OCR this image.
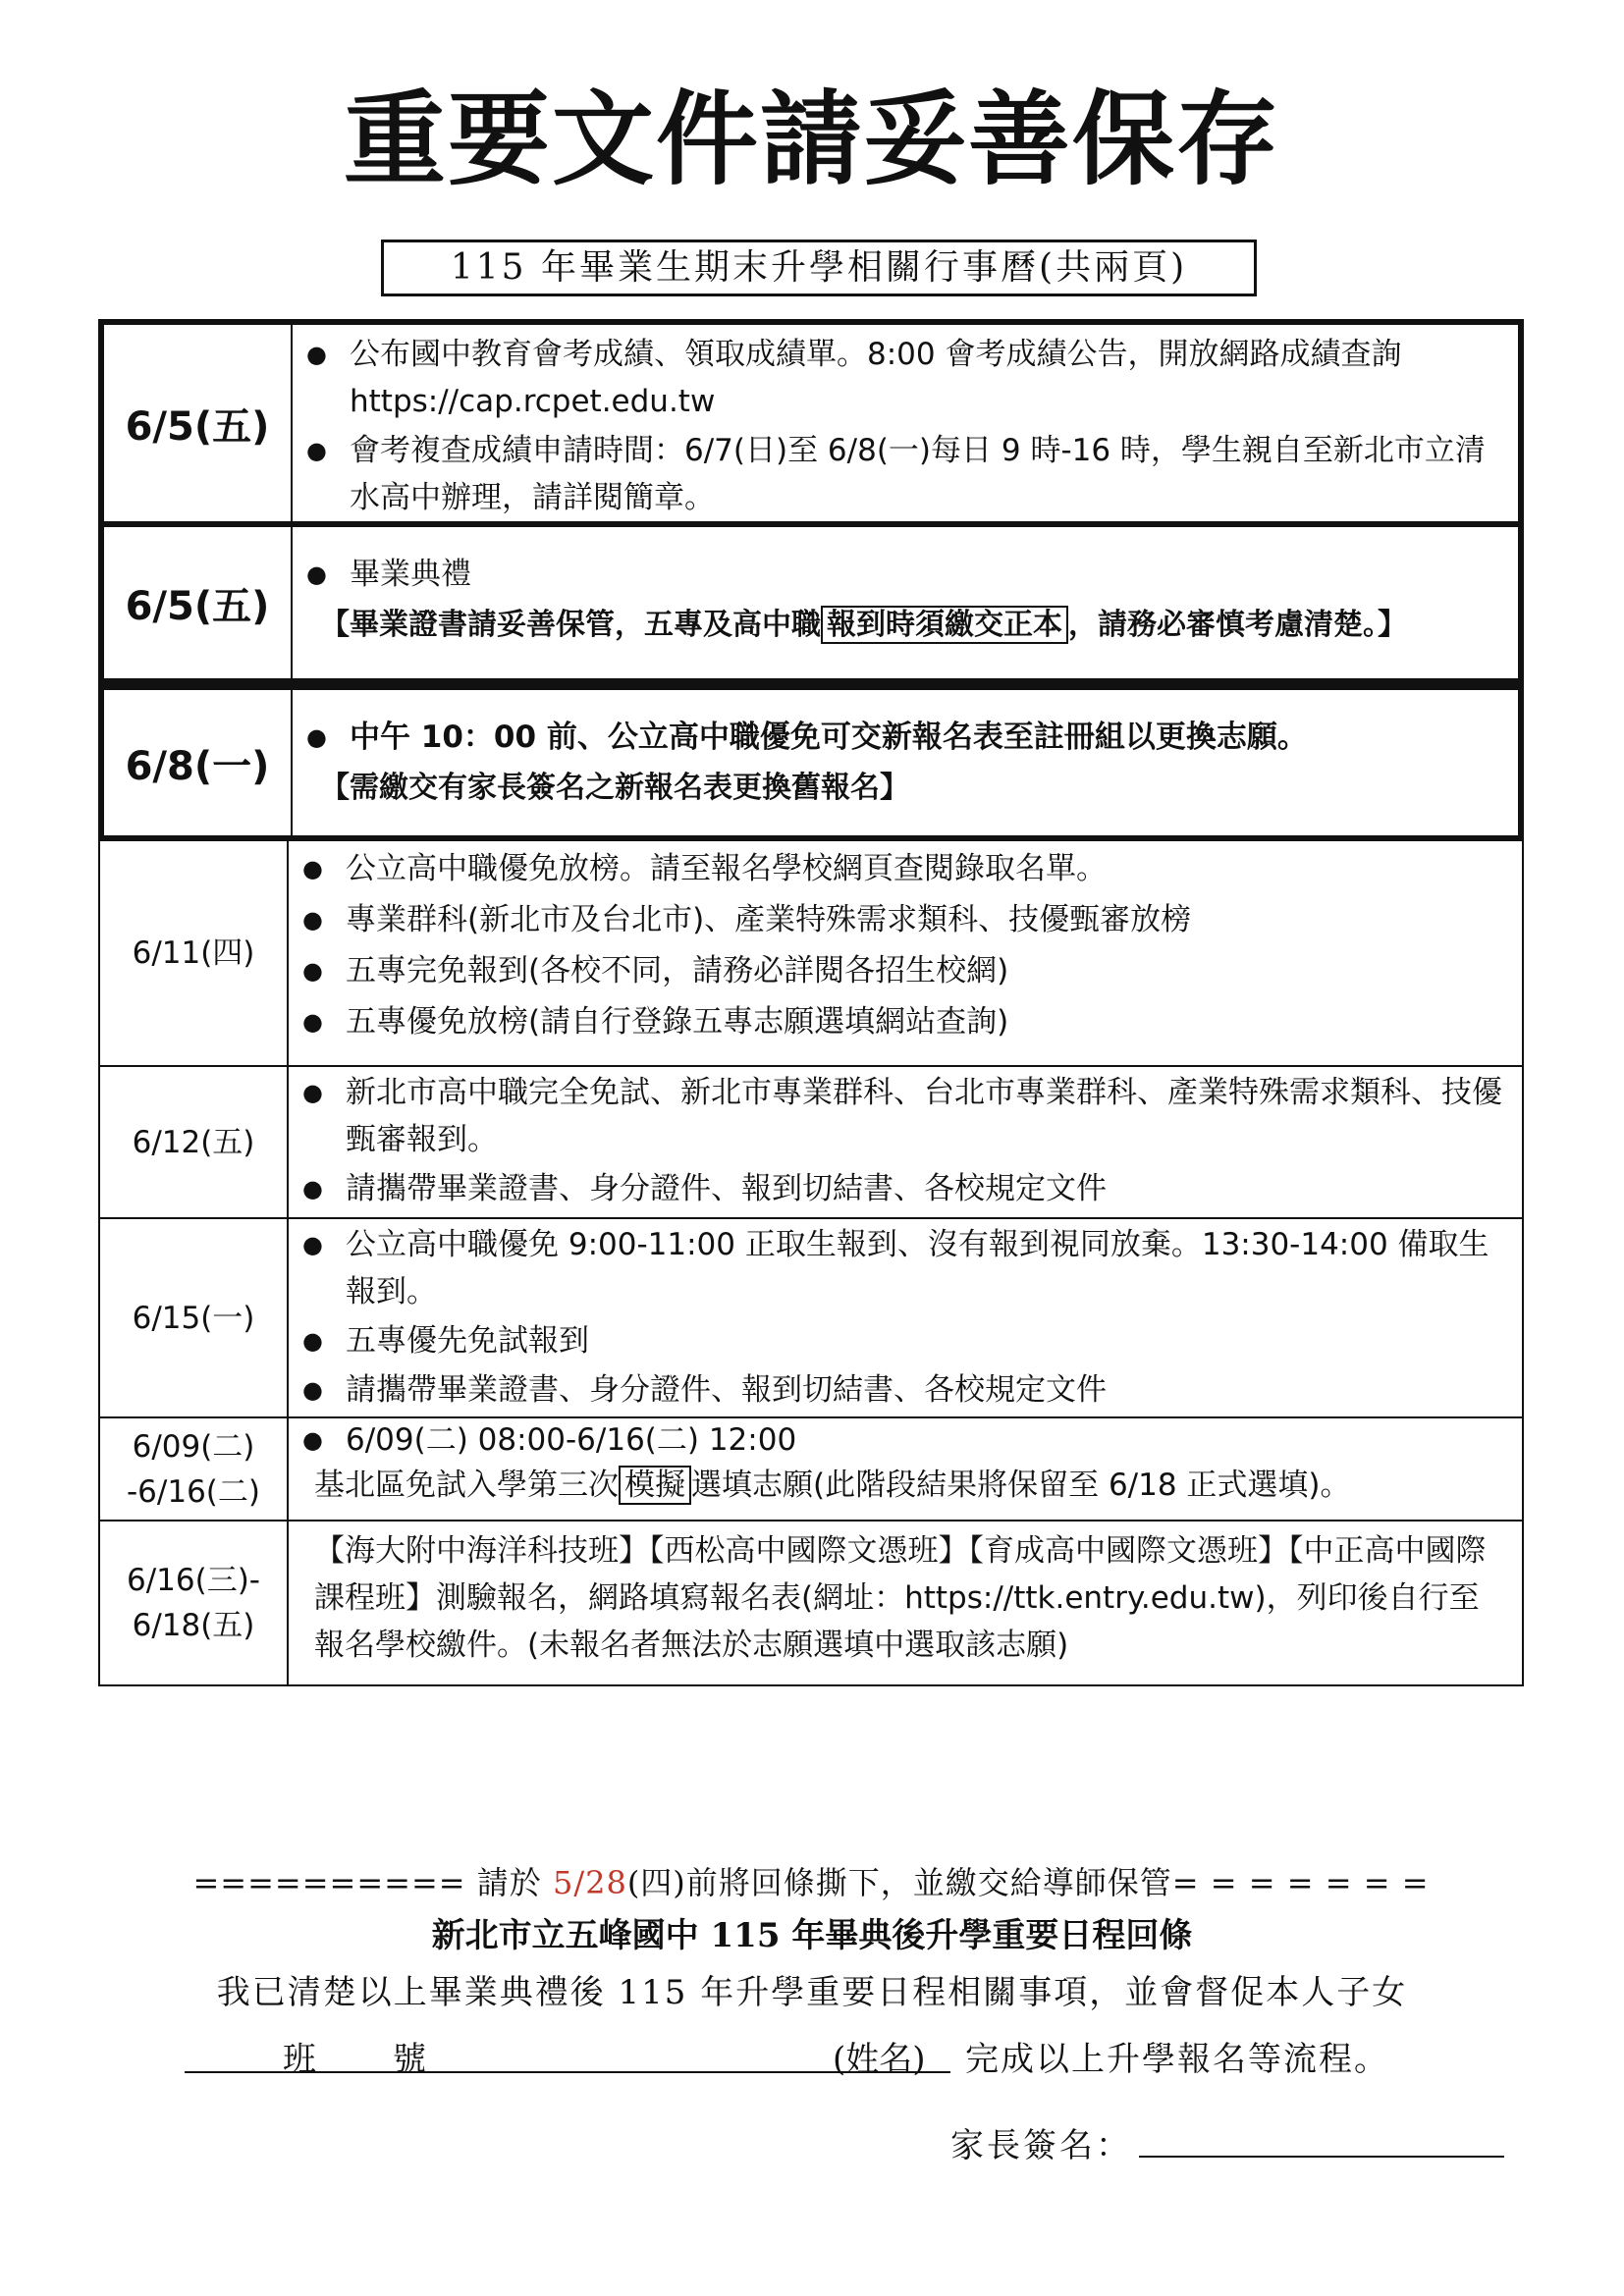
重要文件請妥善保存
115 年畢業生期末升學相關行事曆(共兩頁)
6/5(五)
● 公布國中教育會考成績、領取成績單。8:00 會考成績公告，開放網路成績查詢 https://cap.rcpet.edu.tw
● 會考複查成績申請時間：6/7(日)至 6/8(一)每日 9 時-16 時，學生親自至新北市立清水高中辦理，請詳閱簡章。
6/5(五)
● 畢業典禮
【畢業證書請妥善保管，五專及高中職 報到時須繳交正本 ，請務必審慎考慮清楚。】
6/8(一)
● 中午 10：00 前、公立高中職優免可交新報名表至註冊組以更換志願。
【需繳交有家長簽名之新報名表更換舊報名】
6/11(四)
● 公立高中職優免放榜。請至報名學校網頁查閱錄取名單。
● 專業群科(新北市及台北市)、產業特殊需求類科、技優甄審放榜
● 五專完免報到(各校不同，請務必詳閱各招生校網)
● 五專優免放榜(請自行登錄五專志願選填網站查詢)
6/12(五)
● 新北市高中職完全免試、新北市專業群科、台北市專業群科、產業特殊需求類科、技優甄審報到。
● 請攜帶畢業證書、身分證件、報到切結書、各校規定文件
6/15(一)
● 公立高中職優免 9:00-11:00 正取生報到、沒有報到視同放棄。13:30-14:00 備取生報到。
● 五專優先免試報到
● 請攜帶畢業證書、身分證件、報到切結書、各校規定文件
6/09(二)
-6/16(二)
● 6/09(二) 08:00-6/16(二) 12:00
基北區免試入學第三次 模擬 選填志願(此階段結果將保留至 6/18 正式選填)。
6/16(三)-
6/18(五)
【海大附中海洋科技班】【西松高中國際文憑班】【育成高中國際文憑班】【中正高中國際課程班】測驗報名，網路填寫報名表(網址：https://ttk.entry.edu.tw)，列印後自行至報名學校繳件。(未報名者無法於志願選填中選取該志願)
========== 請於 5/28(四)前將回條撕下，並繳交給導師保管= = = = = = =
新北市立五峰國中 115 年畢典後升學重要日程回條
我已清楚以上畢業典禮後 115 年升學重要日程相關事項，並會督促本人子女
班 號	(姓名) 完成以上升學報名等流程。
家長簽名：
